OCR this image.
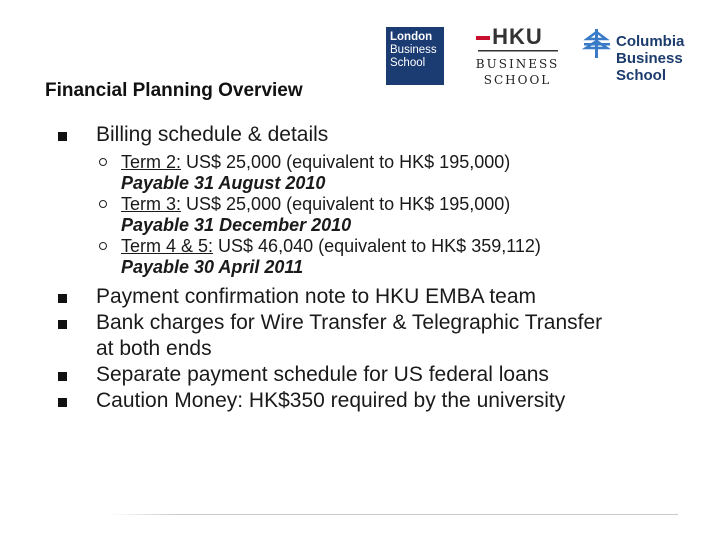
Financial Planning Overview
London
Business
School
HKU
BUSINESS SCHOOL
Columbia
Business
School
Billing schedule & details
Term 2: US$ 25,000 (equivalent to HK$ 195,000)
Payable 31 August 2010
Term 3: US$ 25,000 (equivalent to HK$ 195,000)
Payable 31 December 2010
Term 4 & 5: US$ 46,040 (equivalent to HK$ 359,112)
Payable 30 April 2011
Payment confirmation note to HKU EMBA team
Bank charges for Wire Transfer & Telegraphic Transfer at both ends
Separate payment schedule for US federal loans
Caution Money: HK$350 required by the university
